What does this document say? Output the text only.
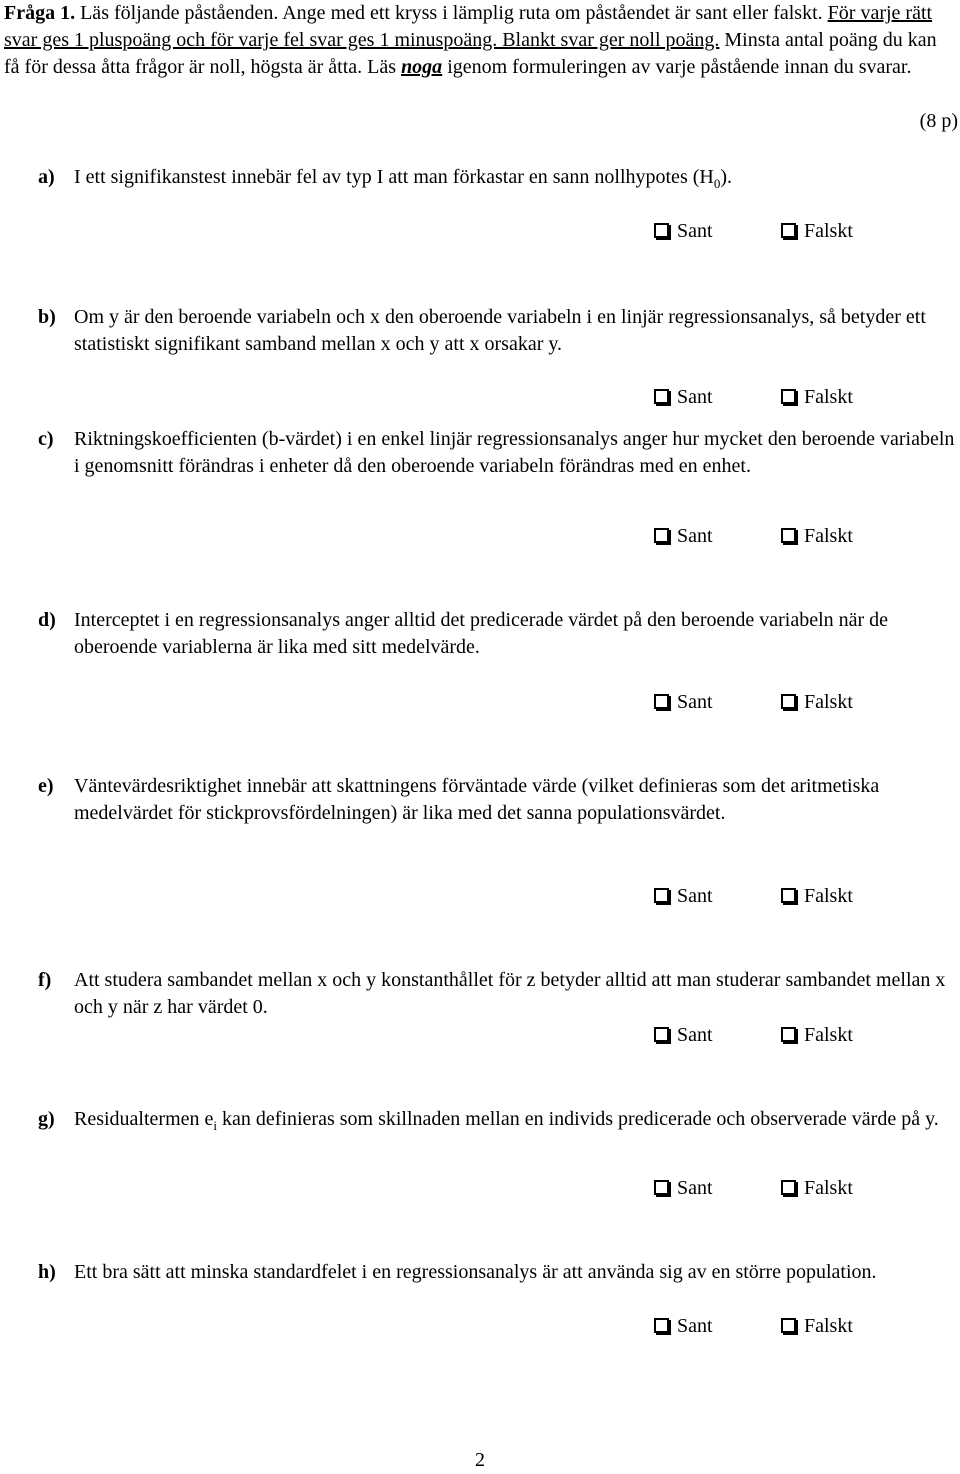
Fråga 1. Läs följande påståenden. Ange med ett kryss i lämplig ruta om påståendet är sant eller falskt. För varje rätt svar ges 1 pluspoäng och för varje fel svar ges 1 minuspoäng. Blankt svar ger noll poäng. Minsta antal poäng du kan få för dessa åtta frågor är noll, högsta är åtta. Läs noga igenom formuleringen av varje påstående innan du svarar.

(8 p)
a) I ett signifikanstest innebär fel av typ I att man förkastar en sann nollhypotes $(H_0)$.
Sant	Falskt
b) Om y är den beroende variabeln och x den oberoende variabeln i en linjär regressionsanalys, så betyder ett statistiskt signifikant samband mellan x och y att x orsakar y.
Sant	Falskt
c) Riktningskoefficienten (b-värdet) i en enkel linjär regressionsanalys anger hur mycket den beroende variabeln i genomsnitt förändras i enheter då den oberoende variabeln förändras med en enhet.
Sant	Falskt
d) Interceptet i en regressionsanalys anger alltid det predicerade värdet på den beroende variabeln när de oberoende variablerna är lika med sitt medelvärde.
Sant	Falskt
e) Väntevärdesriktighet innebär att skattningens förväntade värde (vilket definieras som det aritmetiska medelvärdet för stickprovsfördelningen) är lika med det sanna populationsvärdet.
Sant	Falskt
f) Att studera sambandet mellan x och y konstanthållet för z betyder alltid att man studerar sambandet mellan x och y när z har värdet 0.
Sant	Falskt
g) Residualtermen $e_i$ kan definieras som skillnaden mellan en individs predicerade och observerade värde på y.
Sant	Falskt
h) Ett bra sätt att minska standardfelet i en regressionsanalys är att använda sig av en större population.
Sant	Falskt
2
